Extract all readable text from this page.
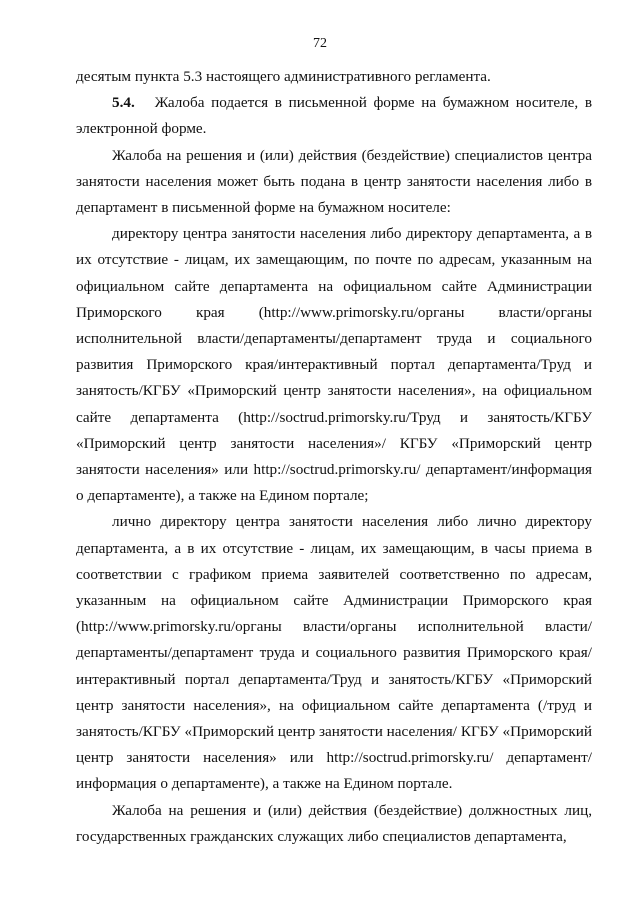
72

десятым пункта 5.3 настоящего административного регламента.

5.4. Жалоба подается в письменной форме на бумажном носителе, в электронной форме.

Жалоба на решения и (или) действия (бездействие) специалистов центра занятости населения может быть подана в центр занятости населения либо в департамент в письменной форме на бумажном носителе:

директору центра занятости населения либо директору департамента, а в их отсутствие - лицам, их замещающим, по почте по адресам, указанным на официальном сайте департамента на официальном сайте Администрации Приморского края (http://www.primorsky.ru/органы власти/органы исполнительной власти/департаменты/департамент труда и социального развития Приморского края/интерактивный портал департамента/Труд и занятость/КГБУ «Приморский центр занятости населения», на официальном сайте департамента (http://soctrud.primorsky.ru/Труд и занятость/КГБУ «Приморский центр занятости населения»/ КГБУ «Приморский центр занятости населения» или http://soctrud.primorsky.ru/ департамент/информация о департаменте), а также на Едином портале;

лично директору центра занятости населения либо лично директору департамента, а в их отсутствие - лицам, их замещающим, в часы приема в соответствии с графиком приема заявителей соответственно по адресам, указанным на официальном сайте Администрации Приморского края (http://www.primorsky.ru/органы власти/органы исполнительной власти/департаменты/департамент труда и социального развития Приморского края/интерактивный портал департамента/Труд и занятость/КГБУ «Приморский центр занятости населения», на официальном сайте департамента (/труд и занятость/КГБУ «Приморский центр занятости населения/ КГБУ «Приморский центр занятости населения» или http://soctrud.primorsky.ru/ департамент/информация о департаменте), а также на Едином портале.

Жалоба на решения и (или) действия (бездействие) должностных лиц, государственных гражданских служащих либо специалистов департамента,
